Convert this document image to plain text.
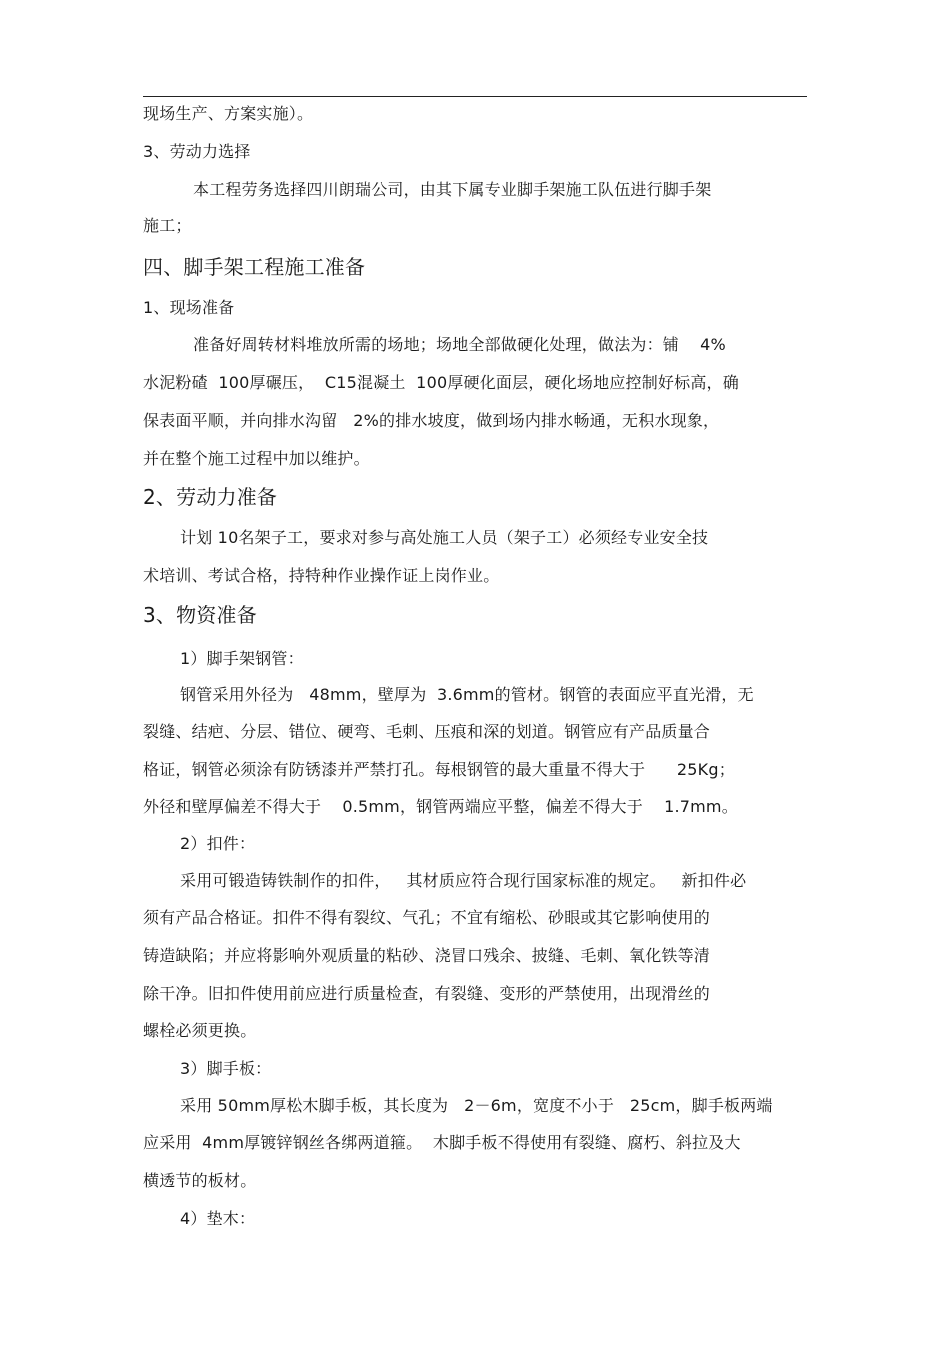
现场生产、方案实施）。
3、劳动力选择
本工程劳务选择四川朗瑞公司，由其下属专业脚手架施工队伍进行脚手架
施工；
四、脚手架工程施工准备
1、现场准备
准备好周转材料堆放所需的场地；场地全部做硬化处理，做法为：铺    4%
水泥粉碴  100厚碾压，  C15混凝土  100厚硬化面层，硬化场地应控制好标高，确
保表面平顺，并向排水沟留   2%的排水坡度，做到场内排水畅通，无积水现象，
并在整个施工过程中加以维护。
2、劳动力准备
计划 10名架子工，要求对参与高处施工人员（架子工）必须经专业安全技
术培训、考试合格，持特种作业操作证上岗作业。
3、物资准备
1）脚手架钢管：
钢管采用外径为   48mm，壁厚为  3.6mm的管材。钢管的表面应平直光滑，无
裂缝、结疤、分层、错位、硬弯、毛刺、压痕和深的划道。钢管应有产品质量合
格证，钢管必须涂有防锈漆并严禁打孔。每根钢管的最大重量不得大于      25Kg；
外径和壁厚偏差不得大于    0.5mm，钢管两端应平整，偏差不得大于    1.7mm。
2）扣件：
采用可锻造铸铁制作的扣件，   其材质应符合现行国家标准的规定。   新扣件必
须有产品合格证。扣件不得有裂纹、气孔；不宜有缩松、砂眼或其它影响使用的
铸造缺陷；并应将影响外观质量的粘砂、浇冒口残余、披缝、毛刺、氧化铁等清
除干净。旧扣件使用前应进行质量检查，有裂缝、变形的严禁使用，出现滑丝的
螺栓必须更换。
3）脚手板：
采用 50mm厚松木脚手板，其长度为   2－6m，宽度不小于   25cm，脚手板两端
应采用  4mm厚镀锌钢丝各绑两道箍。  木脚手板不得使用有裂缝、腐朽、斜拉及大
横透节的板材。
4）垫木：
